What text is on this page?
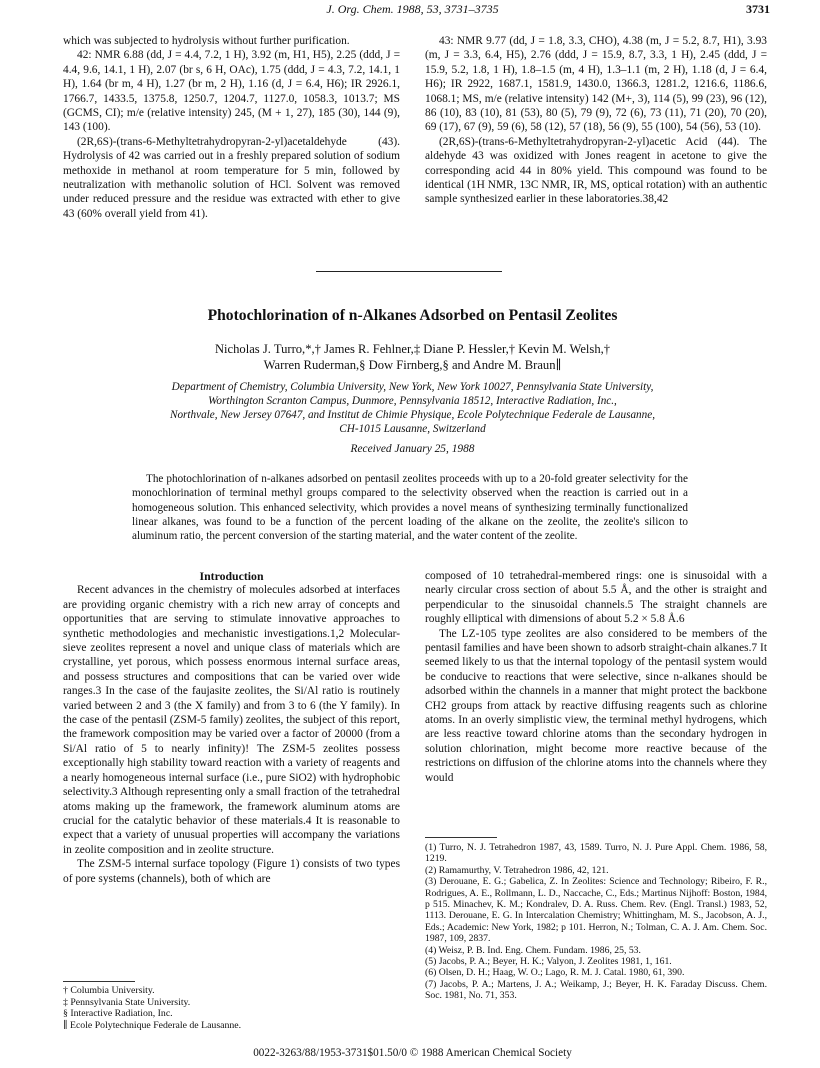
J. Org. Chem. 1988, 53, 3731–3735	3731

which was subjected to hydrolysis without further purification.

42: NMR 6.88 (dd, J = 4.4, 7.2, 1 H), 3.92 (m, H1, H5), 2.25 (ddd, J = 4.4, 9.6, 14.1, 1 H), 2.07 (br s, 6 H, OAc), 1.75 (ddd, J = 4.3, 7.2, 14.1, 1 H), 1.64 (br m, 4 H), 1.27 (br m, 2 H), 1.16 (d, J = 6.4, H6); IR 2926.1, 1766.7, 1433.5, 1375.8, 1250.7, 1204.7, 1127.0, 1058.3, 1013.7; MS (GCMS, CI); m/e (relative intensity) 245, (M + 1, 27), 185 (30), 144 (9), 143 (100).

(2R,6S)-(trans-6-Methyltetrahydropyran-2-yl)acetaldehyde (43). Hydrolysis of 42 was carried out in a freshly prepared solution of sodium methoxide in methanol at room temperature for 5 min, followed by neutralization with methanolic solution of HCl. Solvent was removed under reduced pressure and the residue was extracted with ether to give 43 (60% overall yield from 41).

43: NMR 9.77 (dd, J = 1.8, 3.3, CHO), 4.38 (m, J = 5.2, 8.7, H1), 3.93 (m, J = 3.3, 6.4, H5), 2.76 (ddd, J = 15.9, 8.7, 3.3, 1 H), 2.45 (ddd, J = 15.9, 5.2, 1.8, 1 H), 1.8–1.5 (m, 4 H), 1.3–1.1 (m, 2 H), 1.18 (d, J = 6.4, H6); IR 2922, 1687.1, 1581.9, 1430.0, 1366.3, 1281.2, 1216.6, 1186.6, 1068.1; MS, m/e (relative intensity) 142 (M+, 3), 114 (5), 99 (23), 96 (12), 86 (10), 83 (10), 81 (53), 80 (5), 79 (9), 72 (6), 73 (11), 71 (20), 70 (20), 69 (17), 67 (9), 59 (6), 58 (12), 57 (18), 56 (9), 55 (100), 54 (56), 53 (10).

(2R,6S)-(trans-6-Methyltetrahydropyran-2-yl)acetic Acid (44). The aldehyde 43 was oxidized with Jones reagent in acetone to give the corresponding acid 44 in 80% yield. This compound was found to be identical (1H NMR, 13C NMR, IR, MS, optical rotation) with an authentic sample synthesized earlier in these laboratories.38,42

Photochlorination of n-Alkanes Adsorbed on Pentasil Zeolites
Nicholas J. Turro,*,† James R. Fehlner,‡ Diane P. Hessler,† Kevin M. Welsh,†
Warren Ruderman,§ Dow Firnberg,§ and Andre M. Braun∥
Department of Chemistry, Columbia University, New York, New York 10027, Pennsylvania State University,
Worthington Scranton Campus, Dunmore, Pennsylvania 18512, Interactive Radiation, Inc.,
Northvale, New Jersey 07647, and Institut de Chimie Physique, Ecole Polytechnique Federale de Lausanne,
CH-1015 Lausanne, Switzerland
Received January 25, 1988
The photochlorination of n-alkanes adsorbed on pentasil zeolites proceeds with up to a 20-fold greater selectivity for the monochlorination of terminal methyl groups compared to the selectivity observed when the reaction is carried out in a homogeneous solution. This enhanced selectivity, which provides a novel means of synthesizing terminally functionalized linear alkanes, was found to be a function of the percent loading of the alkane on the zeolite, the zeolite's silicon to aluminum ratio, the percent conversion of the starting material, and the water content of the zeolite.

Introduction

Recent advances in the chemistry of molecules adsorbed at interfaces are providing organic chemistry with a rich new array of concepts and opportunities that are serving to stimulate innovative approaches to synthetic methodologies and mechanistic investigations.1,2 Molecular-sieve zeolites represent a novel and unique class of materials which are crystalline, yet porous, which possess enormous internal surface areas, and possess structures and compositions that can be varied over wide ranges.3 In the case of the faujasite zeolites, the Si/Al ratio is routinely varied between 2 and 3 (the X family) and from 3 to 6 (the Y family). In the case of the pentasil (ZSM-5 family) zeolites, the subject of this report, the framework composition may be varied over a factor of 20000 (from a Si/Al ratio of 5 to nearly infinity)! The ZSM-5 zeolites possess exceptionally high stability toward reaction with a variety of reagents and a nearly homogeneous internal surface (i.e., pure SiO2) with hydrophobic selectivity.3 Although representing only a small fraction of the tetrahedral atoms making up the framework, the framework aluminum atoms are crucial for the catalytic behavior of these materials.4 It is reasonable to expect that a variety of unusual properties will accompany the variations in zeolite composition and in zeolite structure.

The ZSM-5 internal surface topology (Figure 1) consists of two types of pore systems (channels), both of which are

composed of 10 tetrahedral-membered rings: one is sinusoidal with a nearly circular cross section of about 5.5 Å, and the other is straight and perpendicular to the sinusoidal channels.5 The straight channels are roughly elliptical with dimensions of about 5.2 × 5.8 Å.6

The LZ-105 type zeolites are also considered to be members of the pentasil families and have been shown to adsorb straight-chain alkanes.7 It seemed likely to us that the internal topology of the pentasil system would be conducive to reactions that were selective, since n-alkanes should be adsorbed within the channels in a manner that might protect the backbone CH2 groups from attack by reactive diffusing reagents such as chlorine atoms. In an overly simplistic view, the terminal methyl hydrogens, which are less reactive toward chlorine atoms than the secondary hydrogen in solution chlorination, might become more reactive because of the restrictions on diffusion of the chlorine atoms into the channels where they would

† Columbia University.
‡ Pennsylvania State University.
§ Interactive Radiation, Inc.
∥ Ecole Polytechnique Federale de Lausanne.
(1) Turro, N. J. Tetrahedron 1987, 43, 1589. Turro, N. J. Pure Appl. Chem. 1986, 58, 1219.
(2) Ramamurthy, V. Tetrahedron 1986, 42, 121.
(3) Derouane, E. G.; Gabelica, Z. In Zeolites: Science and Technology; Ribeiro, F. R., Rodrigues, A. E., Rollmann, L. D., Naccache, C., Eds.; Martinus Nijhoff: Boston, 1984, p 515. Minachev, K. M.; Kondralev, D. A. Russ. Chem. Rev. (Engl. Transl.) 1983, 52, 1113. Derouane, E. G. In Intercalation Chemistry; Whittingham, M. S., Jacobson, A. J., Eds.; Academic: New York, 1982; p 101. Herron, N.; Tolman, C. A. J. Am. Chem. Soc. 1987, 109, 2837.
(4) Weisz, P. B. Ind. Eng. Chem. Fundam. 1986, 25, 53.
(5) Jacobs, P. A.; Beyer, H. K.; Valyon, J. Zeolites 1981, 1, 161.
(6) Olsen, D. H.; Haag, W. O.; Lago, R. M. J. Catal. 1980, 61, 390.
(7) Jacobs, P. A.; Martens, J. A.; Weikamp, J.; Beyer, H. K. Faraday Discuss. Chem. Soc. 1981, No. 71, 353.
0022-3263/88/1953-3731$01.50/0 © 1988 American Chemical Society
